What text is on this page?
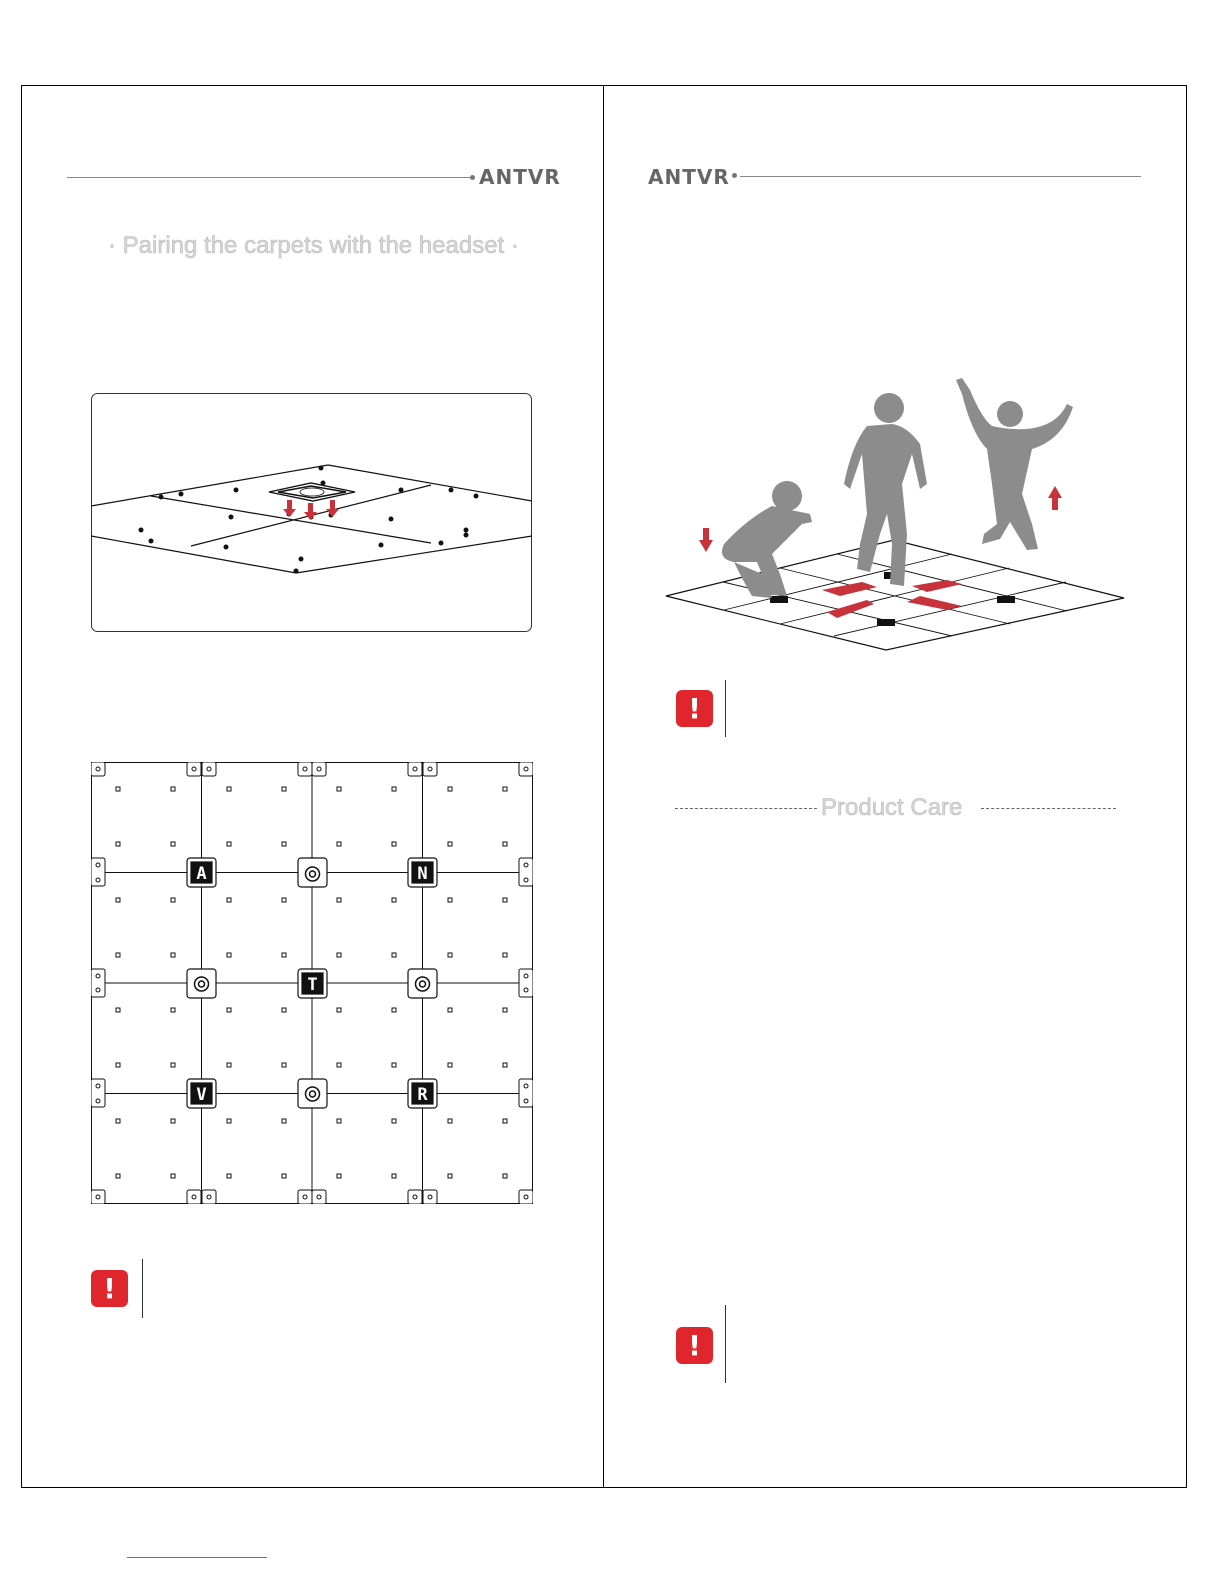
ANTVR
· Pairing the carpets with the headset ·
A	N
T
V	R
!
ANTVR
!
Product Care
!
